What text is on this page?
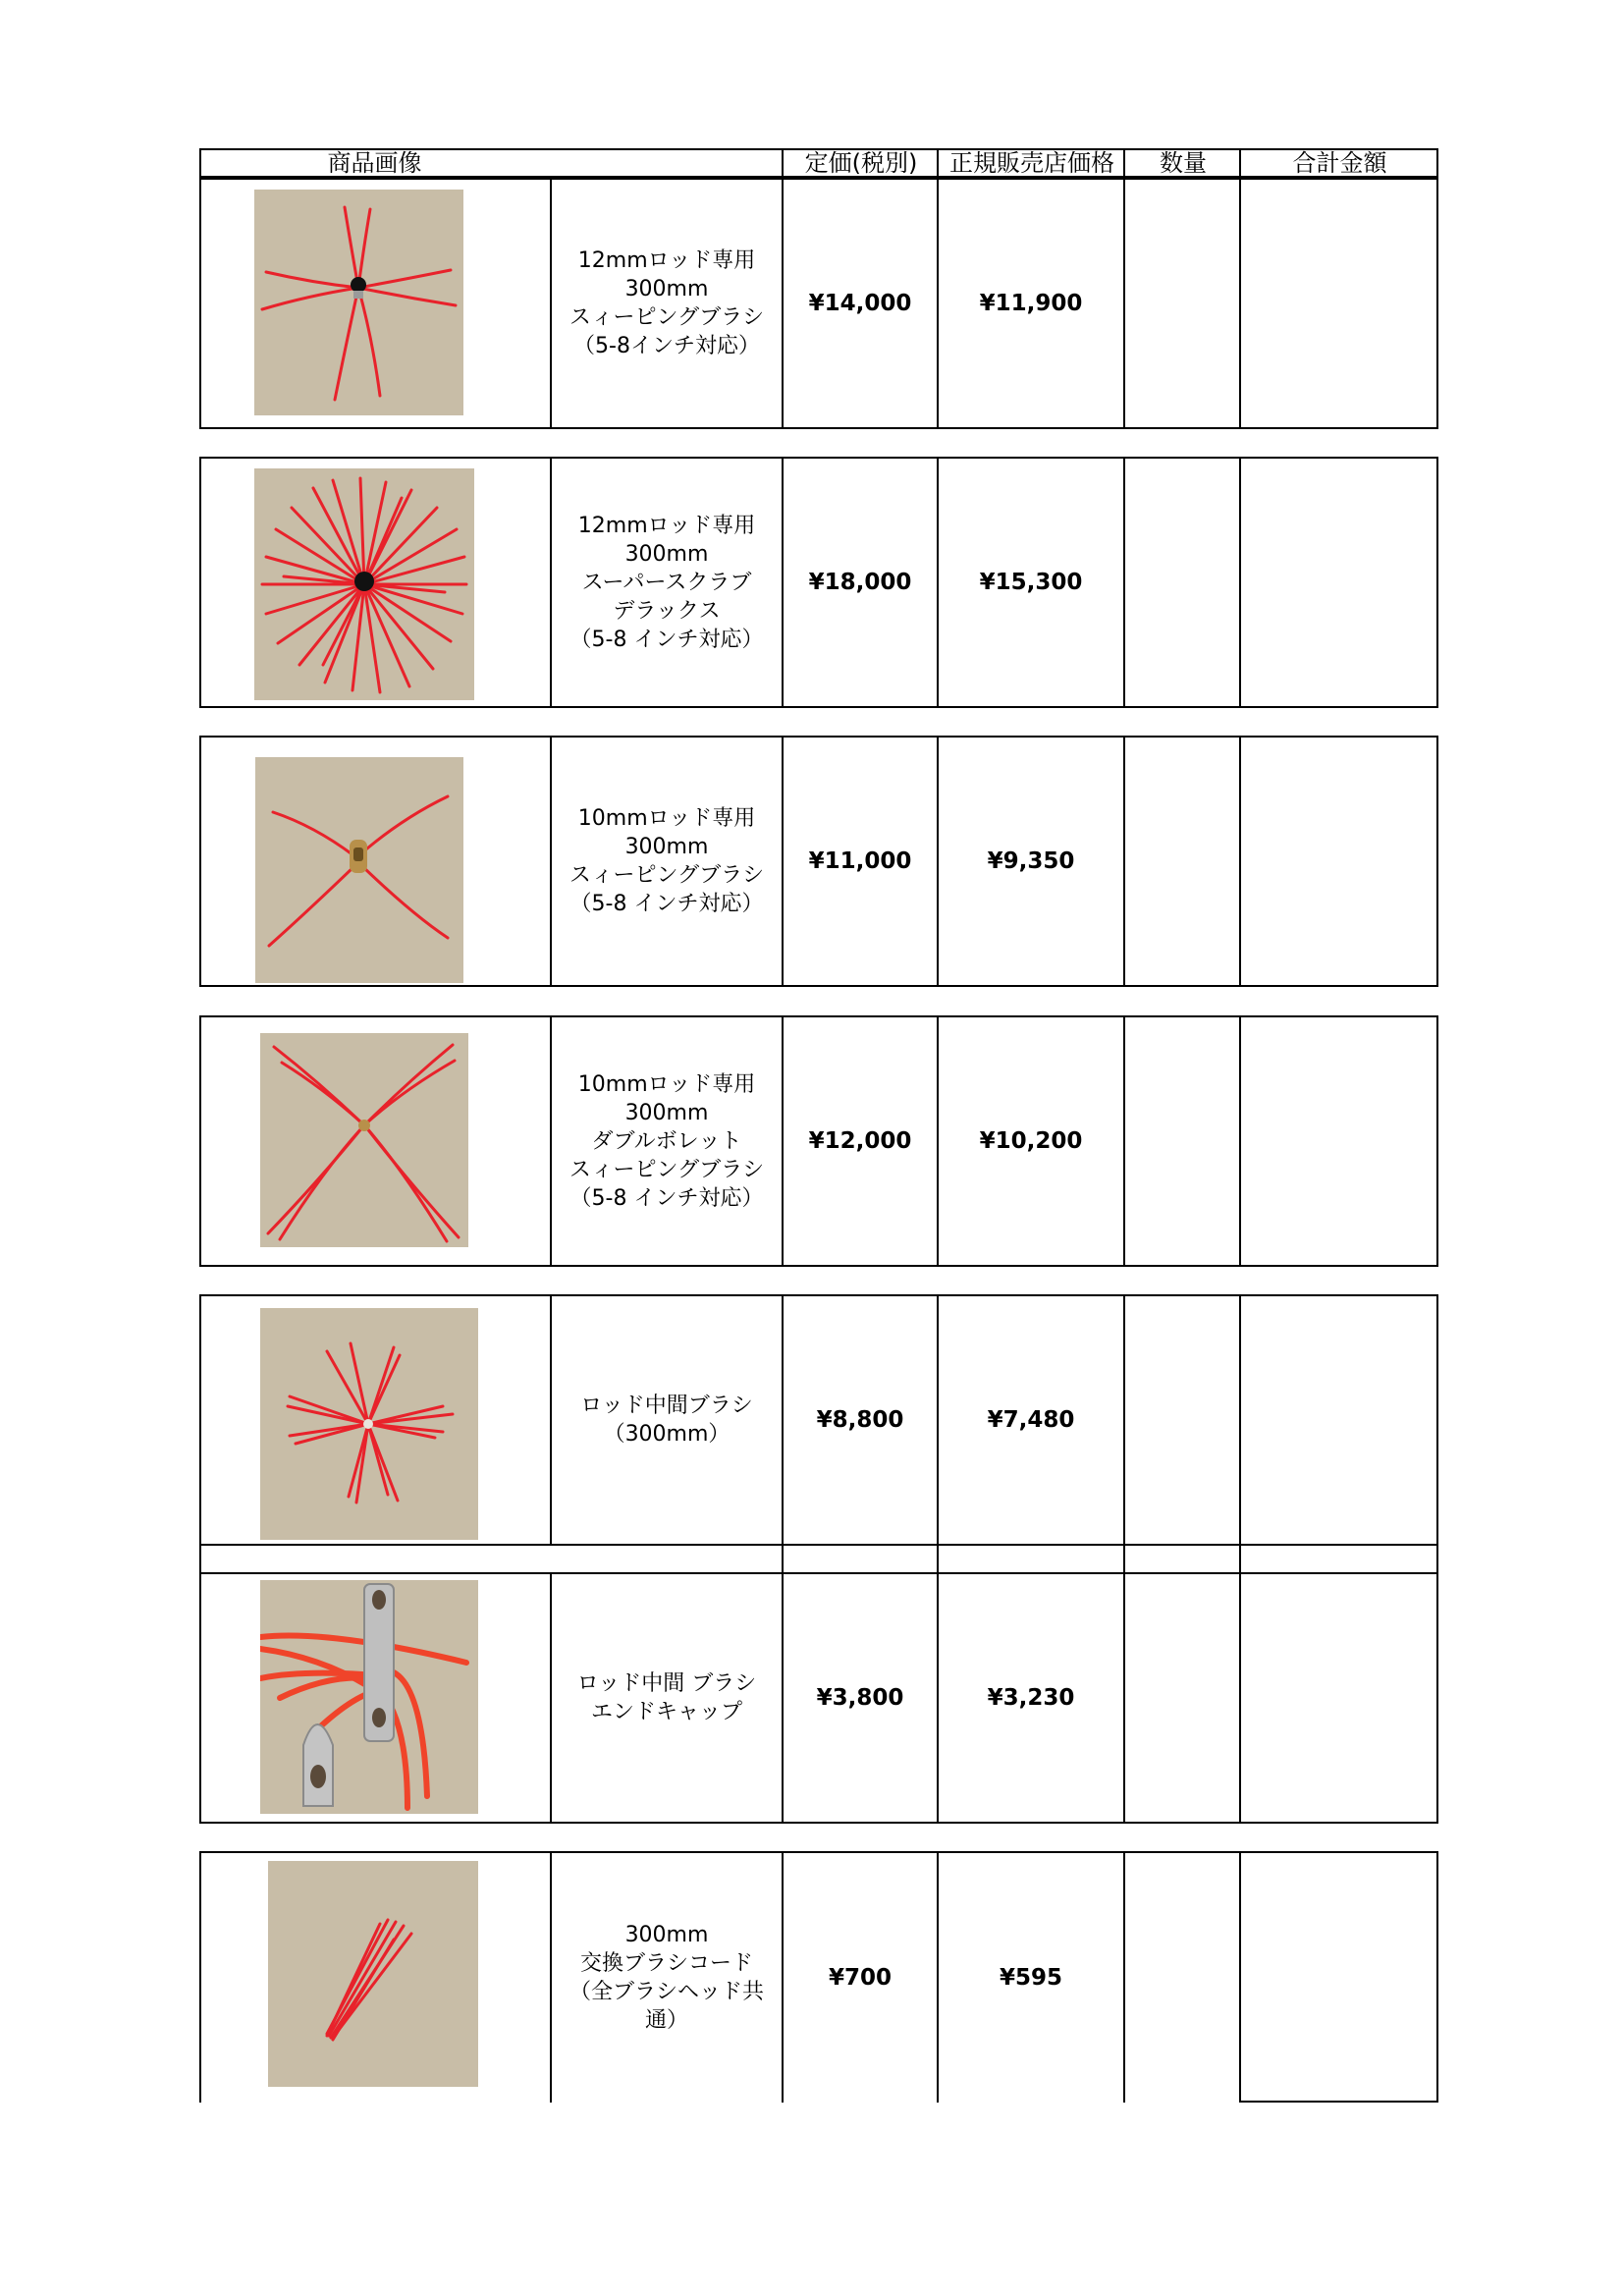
商品画像	定価(税別)	正規販売店価格	数量	合計金額
12mmロッド専用
300mm
スィーピングブラシ
（5-8インチ対応）
¥14,000	¥11,900
12mmロッド専用
300mm
スーパースクラブ
デラックス
（5-8 インチ対応）
¥18,000	¥15,300
10mmロッド専用
300mm
スィーピングブラシ
（5-8 インチ対応）
¥11,000	¥9,350
10mmロッド専用
300mm
ダブルボレット
スィーピングブラシ
（5-8 インチ対応）
¥12,000	¥10,200
ロッド中間ブラシ
（300mm）
¥8,800	¥7,480
ロッド中間 ブラシ
エンドキャップ
¥3,800	¥3,230
300mm
交換ブラシコード
（全ブラシヘッド共
通）
¥700	¥595
